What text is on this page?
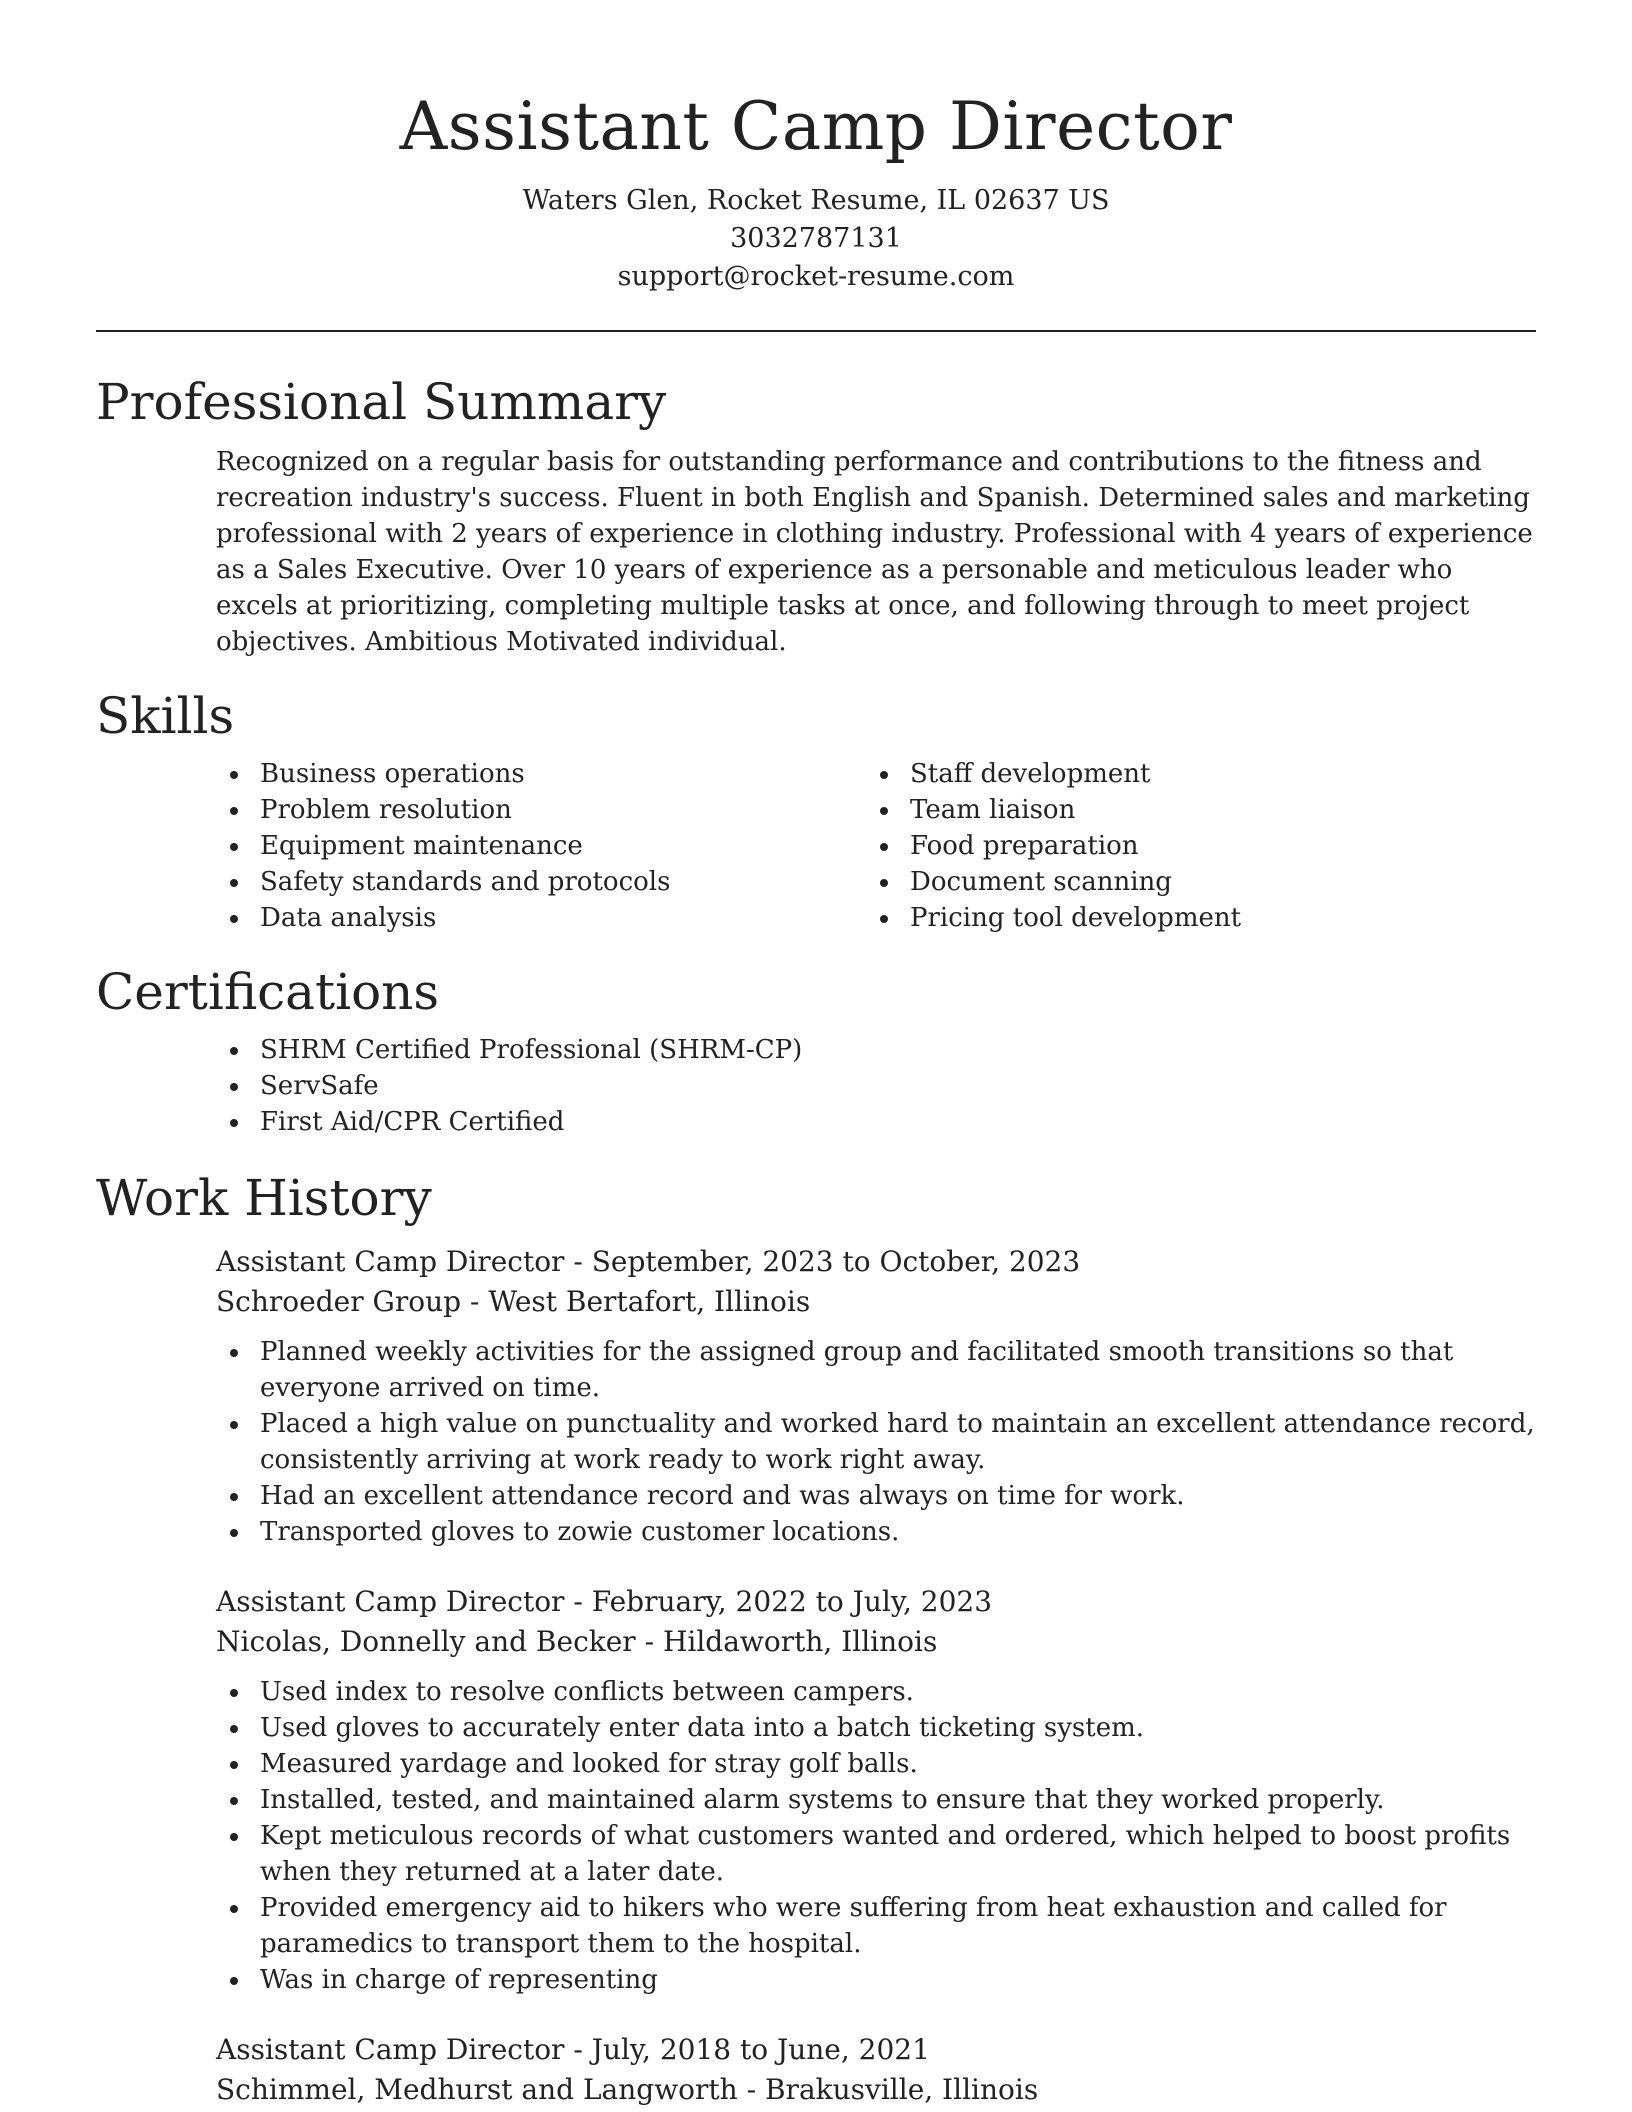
Assistant Camp Director
Waters Glen, Rocket Resume, IL 02637 US
3032787131
support@rocket-resume.com
Professional Summary

Recognized on a regular basis for outstanding performance and contributions to the fitness and recreation industry's success. Fluent in both English and Spanish. Determined sales and marketing professional with 2 years of experience in clothing industry. Professional with 4 years of experience as a Sales Executive. Over 10 years of experience as a personable and meticulous leader who excels at prioritizing, completing multiple tasks at once, and following through to meet project objectives. Ambitious Motivated individual.

Skills
Business operations
Problem resolution
Equipment maintenance
Safety standards and protocols
Data analysis
Staff development
Team liaison
Food preparation
Document scanning
Pricing tool development
Certifications
SHRM Certified Professional (SHRM-CP)
ServSafe
First Aid/CPR Certified
Work History
Assistant Camp Director - September, 2023 to October, 2023
Schroeder Group - West Bertafort, Illinois
Planned weekly activities for the assigned group and facilitated smooth transitions so that everyone arrived on time.
Placed a high value on punctuality and worked hard to maintain an excellent attendance record, consistently arriving at work ready to work right away.
Had an excellent attendance record and was always on time for work.
Transported gloves to zowie customer locations.
Assistant Camp Director - February, 2022 to July, 2023
Nicolas, Donnelly and Becker - Hildaworth, Illinois
Used index to resolve conflicts between campers.
Used gloves to accurately enter data into a batch ticketing system.
Measured yardage and looked for stray golf balls.
Installed, tested, and maintained alarm systems to ensure that they worked properly.
Kept meticulous records of what customers wanted and ordered, which helped to boost profits when they returned at a later date.
Provided emergency aid to hikers who were suffering from heat exhaustion and called for paramedics to transport them to the hospital.
Was in charge of representing
Assistant Camp Director - July, 2018 to June, 2021
Schimmel, Medhurst and Langworth - Brakusville, Illinois
